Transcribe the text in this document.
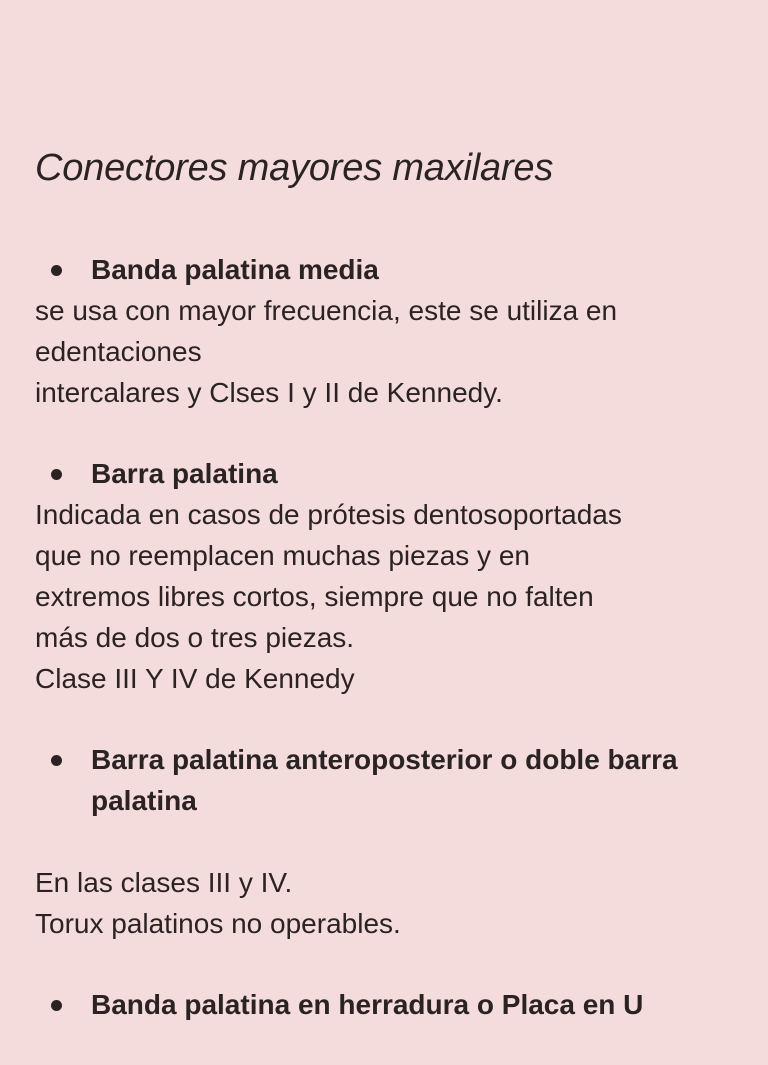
Conectores mayores maxilares
Banda palatina media
se usa con mayor frecuencia, este se utiliza en
edentaciones
intercalares y Clses I y II de Kennedy.
Barra palatina
Indicada en casos de prótesis dentosoportadas
que no reemplacen muchas piezas y en
extremos libres cortos, siempre que no falten
más de dos o tres piezas.
Clase III Y IV de Kennedy
Barra palatina anteroposterior o doble barra palatina
En las clases III y IV.
Torux palatinos no operables.
Banda palatina en herradura o Placa en U
